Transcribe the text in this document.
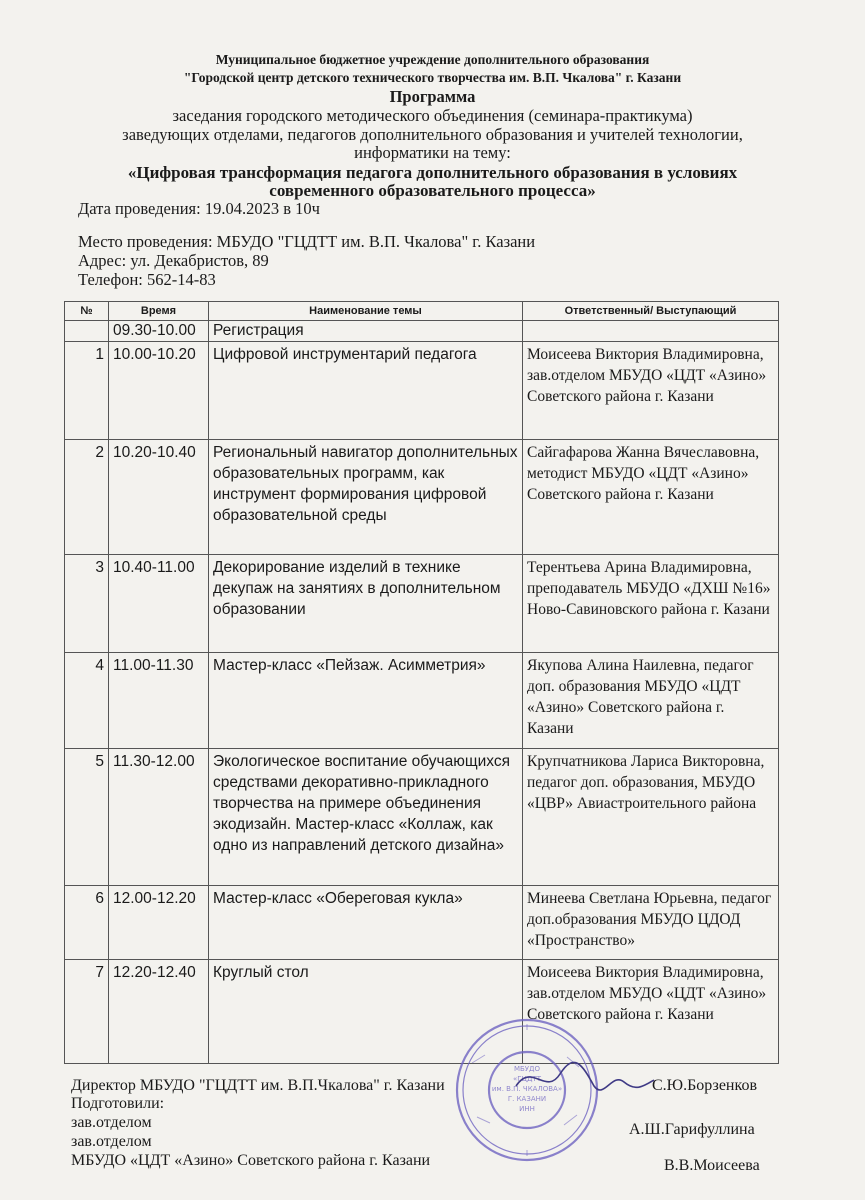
Муниципальное бюджетное учреждение дополнительного образования
"Городской центр детского технического творчества им. В.П. Чкалова" г. Казани
Программа
заседания городского методического объединения (семинара-практикума)
заведующих отделами, педагогов дополнительного образования и учителей технологии,
информатики на тему:
«Цифровая трансформация педагога дополнительного образования в условиях
современного образовательного процесса»
Дата проведения: 19.04.2023 в 10ч
Место проведения: МБУДО "ГЦДТТ им. В.П. Чкалова" г. Казани
Адрес: ул. Декабристов, 89
Телефон: 562-14-83
№	Время	Наименование темы	Ответственный/ Выступающий
	09.30-10.00	Регистрация	
1	10.00-10.20	Цифровой инструментарий педагога	Моисеева Виктория Владимировна, зав.отделом МБУДО «ЦДТ «Азино» Советского района г. Казани
2	10.20-10.40	Региональный навигатор дополнительных образовательных программ, как инструмент формирования цифровой образовательной среды	Сайгафарова Жанна Вячеславовна, методист МБУДО «ЦДТ «Азино» Советского района г. Казани
3	10.40-11.00	Декорирование изделий в технике декупаж на занятиях в дополнительном образовании	Терентьева Арина Владимировна, преподаватель МБУДО «ДХШ №16» Ново-Савиновского района г. Казани
4	11.00-11.30	Мастер-класс «Пейзаж. Асимметрия»	Якупова Алина Наилевна, педагог доп. образования МБУДО «ЦДТ «Азино» Советского района г. Казани
5	11.30-12.00	Экологическое воспитание обучающихся средствами декоративно-прикладного творчества на примере объединения экодизайн. Мастер-класс «Коллаж, как одно из направлений детского дизайна»	Крупчатникова Лариса Викторовна, педагог доп. образования, МБУДО «ЦВР» Авиастроительного района
6	12.00-12.20	Мастер-класс «Обереговая кукла»	Минеева Светлана Юрьевна, педагог доп.образования МБУДО ЦДОД «Пространство»
7	12.20-12.40	Круглый стол	Моисеева Виктория Владимировна, зав.отделом МБУДО «ЦДТ «Азино» Советского района г. Казани
МБУДО
«ГЦДТТ
им. В.П. ЧКАЛОВА»
Г. КАЗАНИ
ИНН
Директор МБУДО "ГЦДТТ им. В.П.Чкалова" г. Казани	С.Ю.Борзенков
Подготовили:
зав.отделом	А.Ш.Гарифуллина
зав.отделом
МБУДО «ЦДТ «Азино» Советского района г. Казани	В.В.Моисеева
